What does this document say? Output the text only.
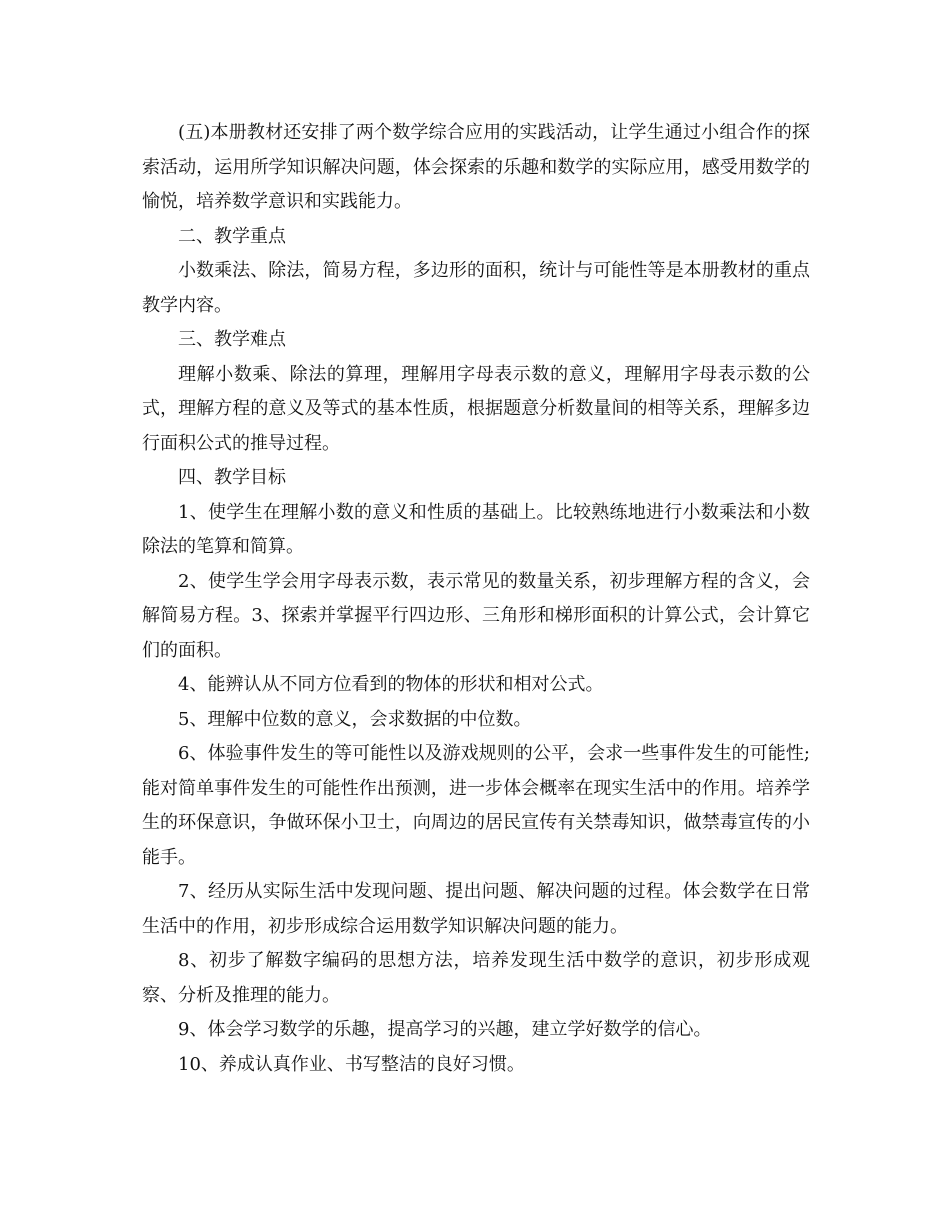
(五)本册教材还安排了两个数学综合应用的实践活动，让学生通过小组合作的探索活动，运用所学知识解决问题，体会探索的乐趣和数学的实际应用，感受用数学的愉悦，培养数学意识和实践能力。

二、教学重点

小数乘法、除法，简易方程，多边形的面积，统计与可能性等是本册教材的重点教学内容。

三、教学难点

理解小数乘、除法的算理，理解用字母表示数的意义，理解用字母表示数的公式，理解方程的意义及等式的基本性质，根据题意分析数量间的相等关系，理解多边行面积公式的推导过程。

四、教学目标

1、使学生在理解小数的意义和性质的基础上。比较熟练地进行小数乘法和小数除法的笔算和简算。

2、使学生学会用字母表示数，表示常见的数量关系，初步理解方程的含义，会解简易方程。3、探索并掌握平行四边形、三角形和梯形面积的计算公式，会计算它们的面积。

4、能辨认从不同方位看到的物体的形状和相对公式。

5、理解中位数的意义，会求数据的中位数。

6、体验事件发生的等可能性以及游戏规则的公平，会求一些事件发生的可能性;能对简单事件发生的可能性作出预测，进一步体会概率在现实生活中的作用。培养学生的环保意识，争做环保小卫士，向周边的居民宣传有关禁毒知识，做禁毒宣传的小能手。

7、经历从实际生活中发现问题、提出问题、解决问题的过程。体会数学在日常生活中的作用，初步形成综合运用数学知识解决问题的能力。

8、初步了解数字编码的思想方法，培养发现生活中数学的意识，初步形成观察、分析及推理的能力。

9、体会学习数学的乐趣，提高学习的兴趣，建立学好数学的信心。

10、养成认真作业、书写整洁的良好习惯。
